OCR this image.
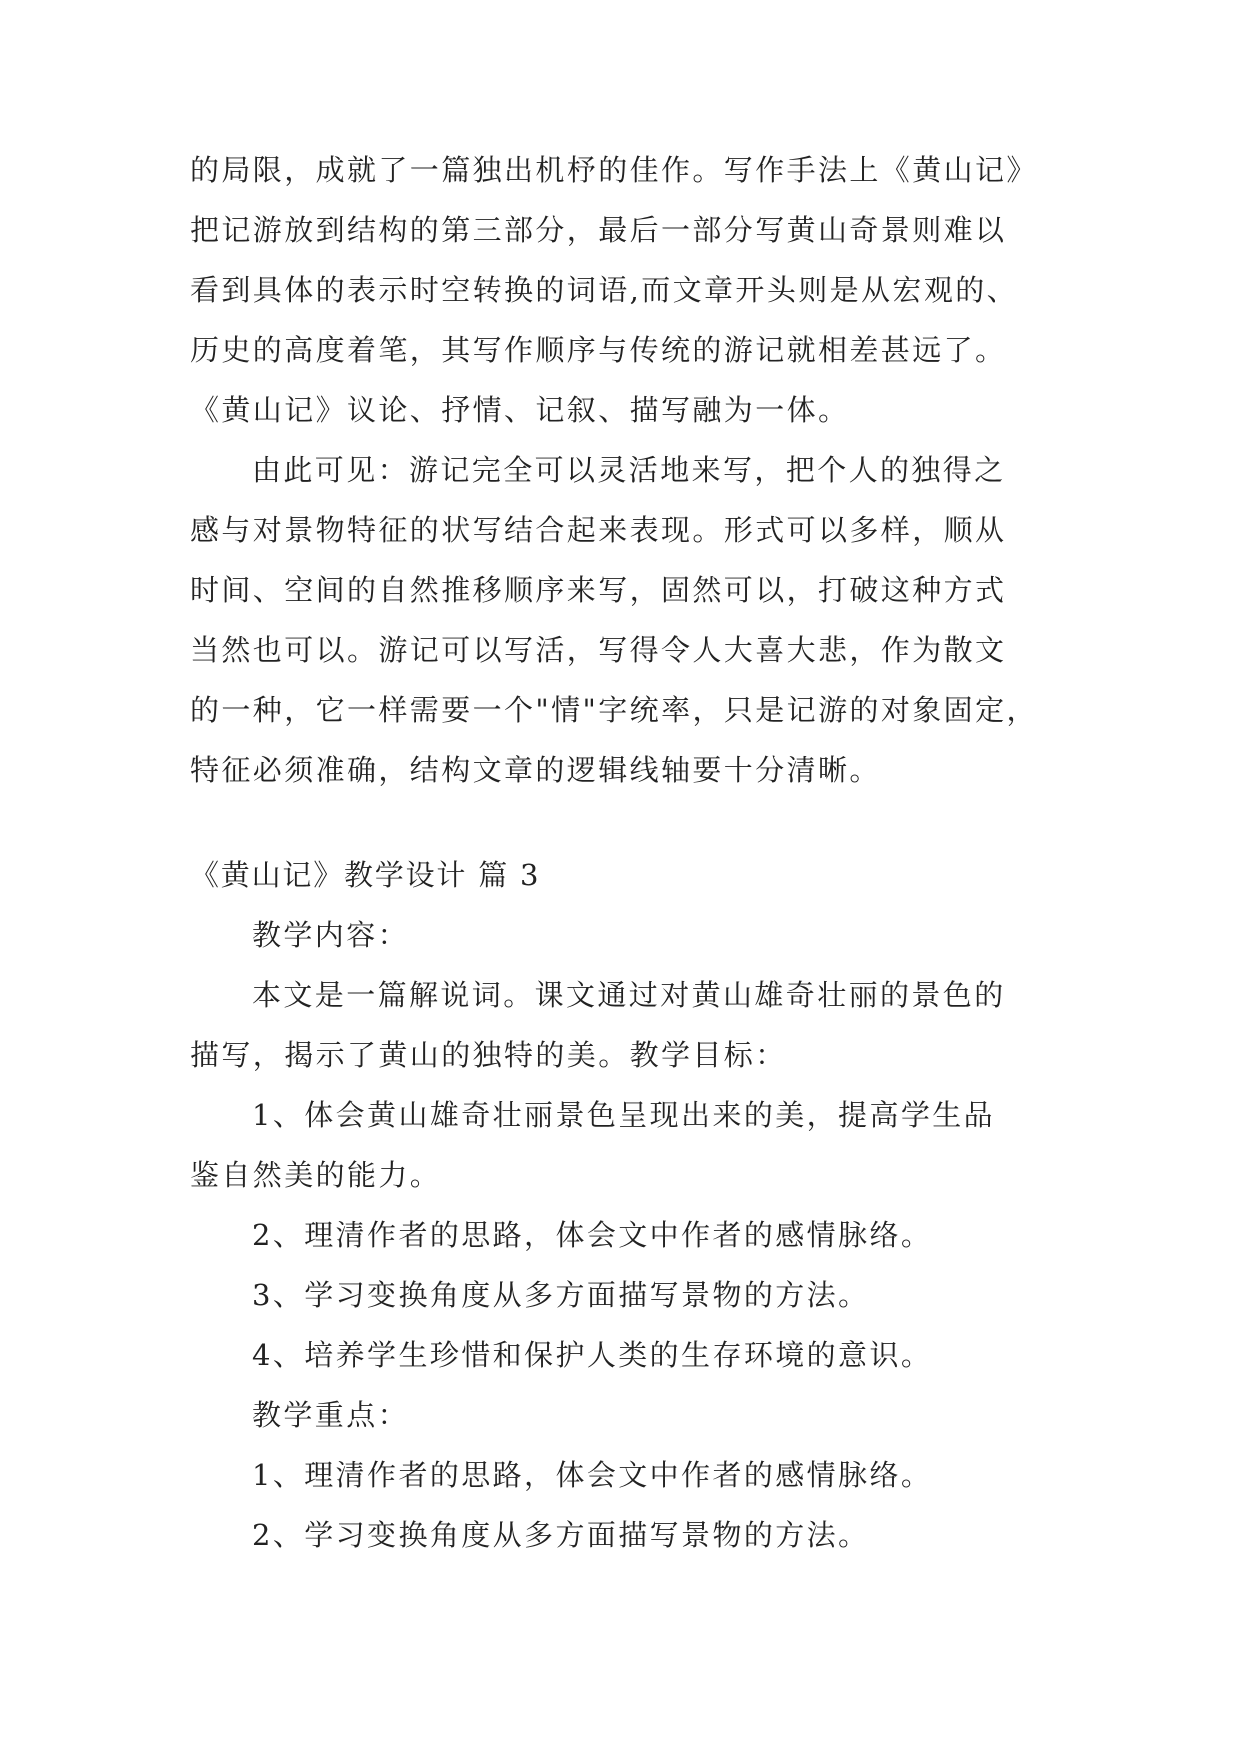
的局限，成就了一篇独出机杼的佳作。写作手法上《黄山记》
把记游放到结构的第三部分，最后一部分写黄山奇景则难以
看到具体的表示时空转换的词语,而文章开头则是从宏观的、
历史的高度着笔，其写作顺序与传统的游记就相差甚远了。
《黄山记》议论、抒情、记叙、描写融为一体。
由此可见：游记完全可以灵活地来写，把个人的独得之
感与对景物特征的状写结合起来表现。形式可以多样，顺从
时间、空间的自然推移顺序来写，固然可以，打破这种方式
当然也可以。游记可以写活，写得令人大喜大悲，作为散文
的一种，它一样需要一个"情"字统率，只是记游的对象固定，
特征必须准确，结构文章的逻辑线轴要十分清晰。
《黄山记》教学设计 篇 3
教学内容：
本文是一篇解说词。课文通过对黄山雄奇壮丽的景色的
描写，揭示了黄山的独特的美。教学目标：
1、体会黄山雄奇壮丽景色呈现出来的美，提高学生品
鉴自然美的能力。
2、理清作者的思路，体会文中作者的感情脉络。
3、学习变换角度从多方面描写景物的方法。
4、培养学生珍惜和保护人类的生存环境的意识。
教学重点：
1、理清作者的思路，体会文中作者的感情脉络。
2、学习变换角度从多方面描写景物的方法。
